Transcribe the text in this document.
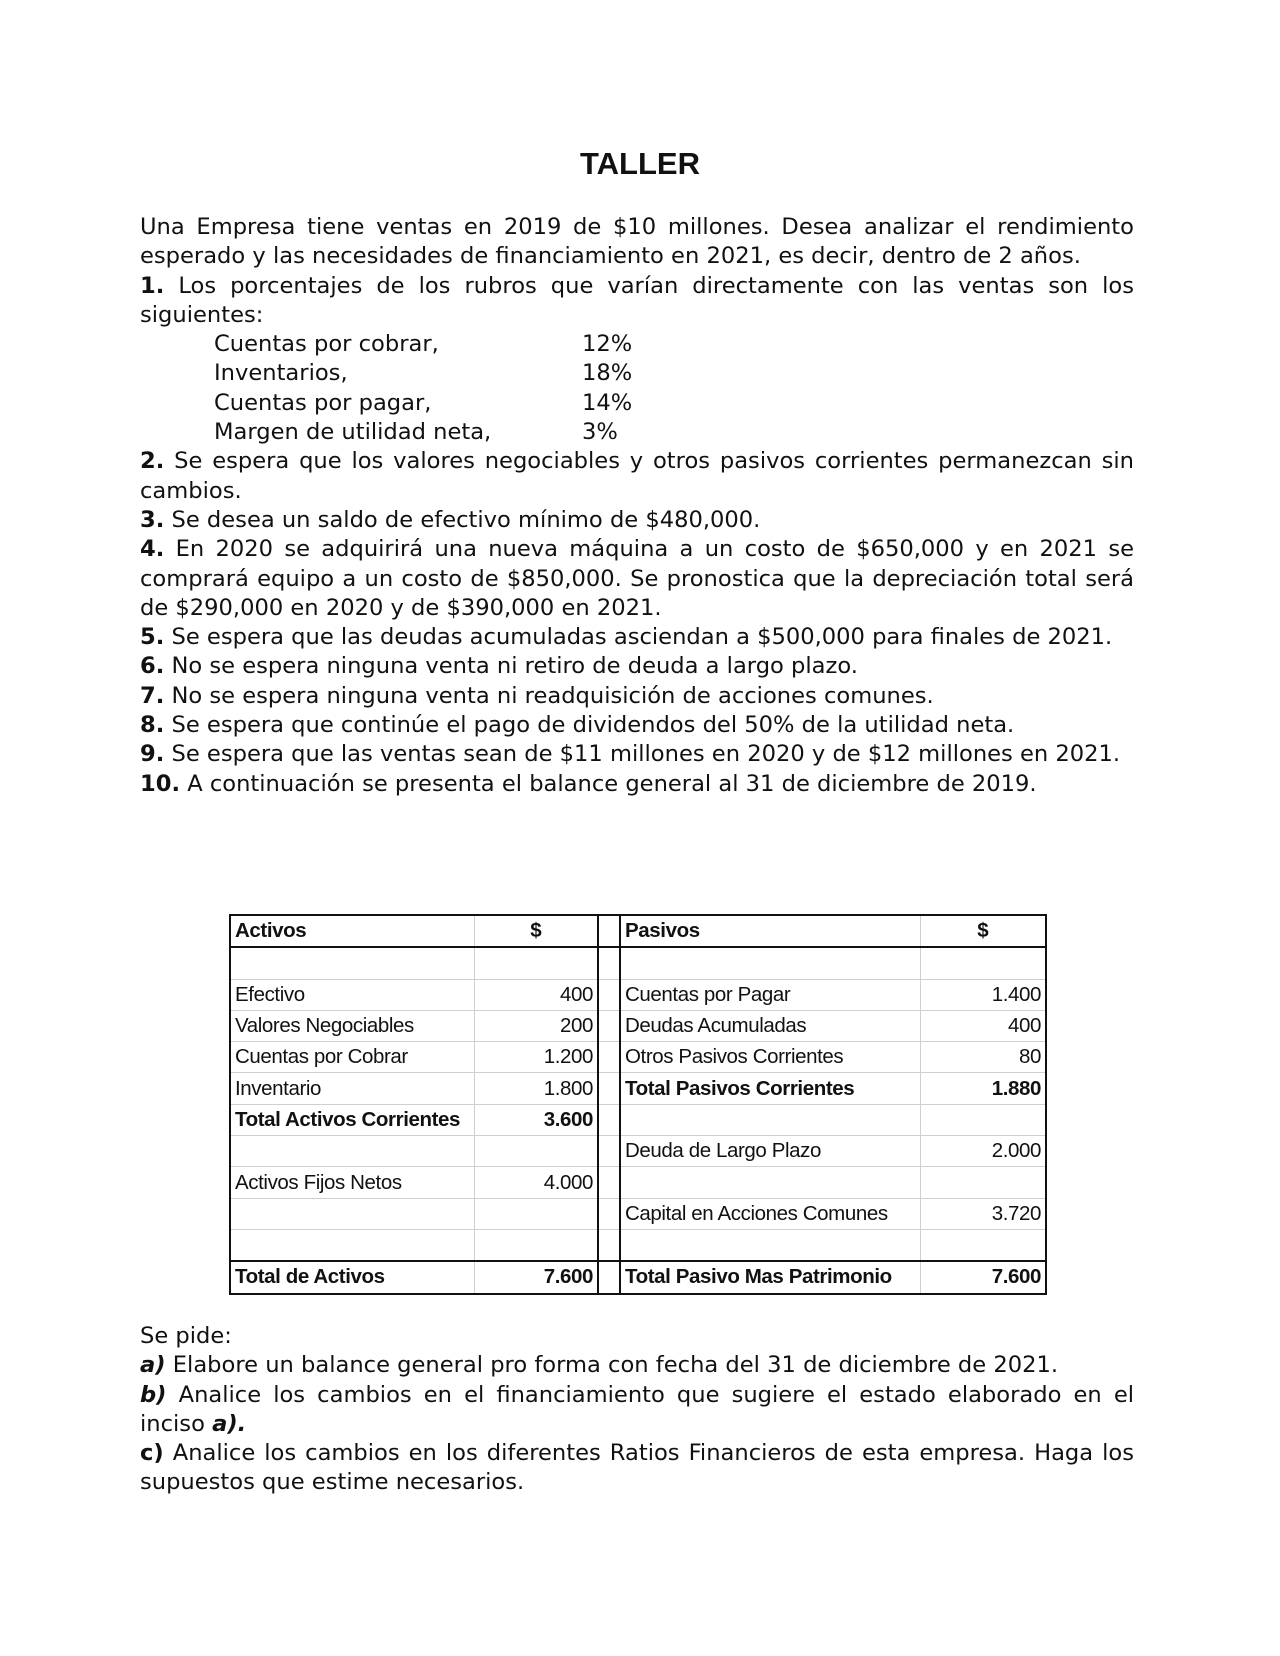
TALLER

Una Empresa tiene ventas en 2019 de $10 millones. Desea analizar el rendimiento esperado y las necesidades de financiamiento en 2021, es decir, dentro de 2 años.

1. Los porcentajes de los rubros que varían directamente con las ventas son los siguientes:

Cuentas por cobrar,	12%
Inventarios,	18%
Cuentas por pagar,	14%
Margen de utilidad neta,	3%

2. Se espera que los valores negociables y otros pasivos corrientes permanezcan sin cambios.

3. Se desea un saldo de efectivo mínimo de $480,000.

4. En 2020 se adquirirá una nueva máquina a un costo de $650,000 y en 2021 se comprará equipo a un costo de $850,000. Se pronostica que la depreciación total será de $290,000 en 2020 y de $390,000 en 2021.

5. Se espera que las deudas acumuladas asciendan a $500,000 para finales de 2021.

6. No se espera ninguna venta ni retiro de deuda a largo plazo.

7. No se espera ninguna venta ni readquisición de acciones comunes.

8. Se espera que continúe el pago de dividendos del 50% de la utilidad neta.

9. Se espera que las ventas sean de $11 millones en 2020 y de $12 millones en 2021.

10. A continuación se presenta el balance general al 31 de diciembre de 2019.

Activos	$		Pasivos	$

Efectivo	400		Cuentas por Pagar	1.400
Valores Negociables	200		Deudas Acumuladas	400
Cuentas por Cobrar	1.200		Otros Pasivos Corrientes	80
Inventario	1.800		Total Pasivos Corrientes	1.880
Total Activos Corrientes	3.600			
			Deuda de Largo Plazo	2.000
Activos Fijos Netos	4.000			
			Capital en Acciones Comunes	3.720

Total de Activos	7.600		Total Pasivo Mas Patrimonio	7.600

Se pide:

a) Elabore un balance general pro forma con fecha del 31 de diciembre de 2021.

b) Analice los cambios en el financiamiento que sugiere el estado elaborado en el inciso a).

c) Analice los cambios en los diferentes Ratios Financieros de esta empresa. Haga los supuestos que estime necesarios.
